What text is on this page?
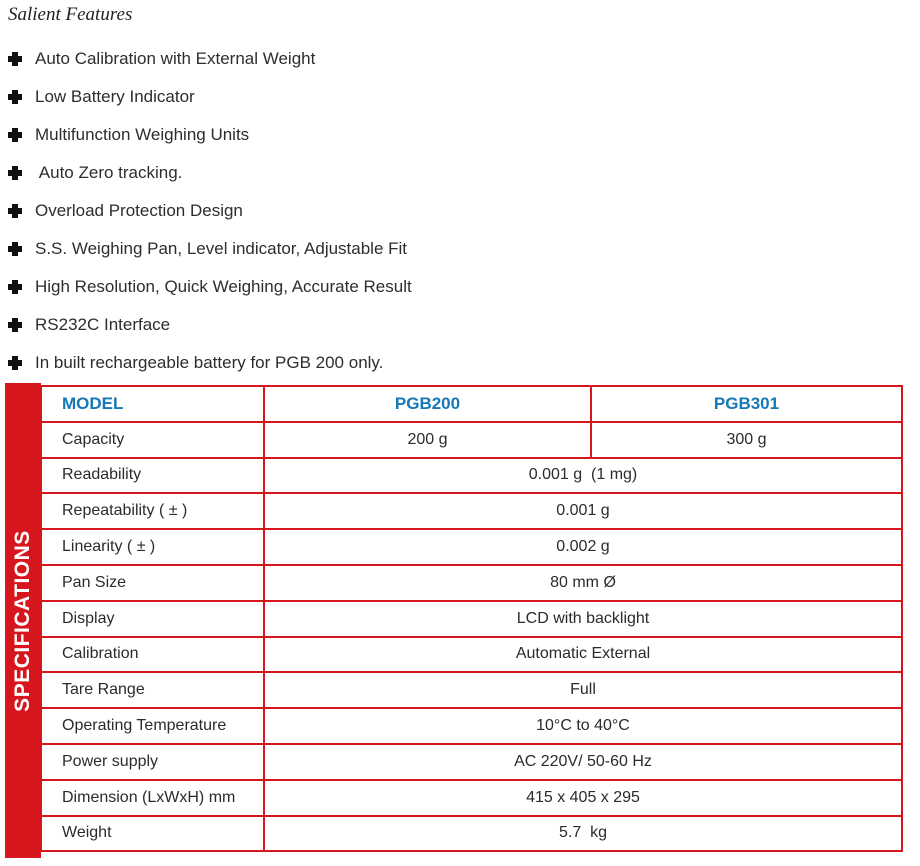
Salient Features
Auto Calibration with External Weight
Low Battery Indicator
Multifunction Weighing Units
Auto Zero tracking.
Overload Protection Design
S.S. Weighing Pan, Level indicator, Adjustable Fit
High Resolution, Quick Weighing, Accurate Result
RS232C Interface
In built rechargeable battery for PGB 200 only.
SPECIFICATIONS
MODEL	PGB200	PGB301
Capacity	200 g	300 g
Readability	0.001 g  (1 mg)	
Repeatability ( ± )	0.001 g	
Linearity ( ± )	0.002 g	
Pan Size	80 mm Ø	
Display	LCD with backlight	
Calibration	Automatic External	
Tare Range	Full	
Operating Temperature	10°C to 40°C	
Power supply	AC 220V/ 50-60 Hz	
Dimension (LxWxH) mm	415 x 405 x 295	
Weight	5.7  kg	
